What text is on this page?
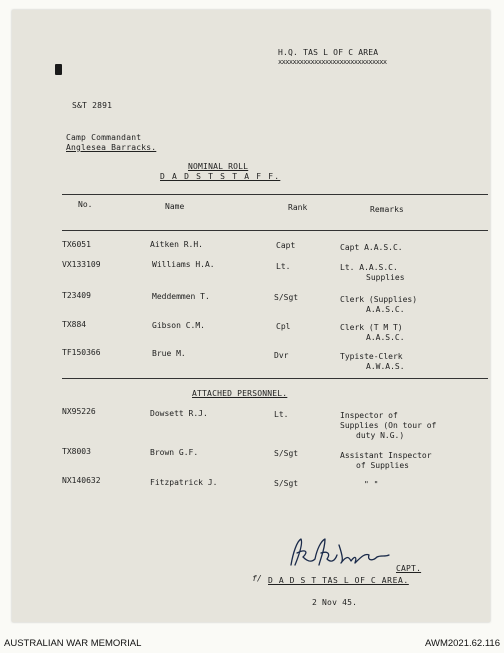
H.Q. TAS L OF C AREA
xxxxxxxxxxxxxxxxxxxxxxxxxxxxxx
S&T 2891
Camp Commandant
Anglesea Barracks.
NOMINAL ROLL
D A D S T S T A F F.
No.	Name	Rank	Remarks
TX6051	Aitken R.H.	Capt	Capt A.A.S.C.
VX133109	Williams H.A.	Lt.	Lt. A.A.S.C.
Supplies
T23409	Meddemmen T.	S/Sgt	Clerk (Supplies)
A.A.S.C.
TX884	Gibson C.M.	Cpl	Clerk (T M T)
A.A.S.C.
TF150366	Brue M.	Dvr	Typiste-Clerk
A.W.A.S.
ATTACHED PERSONNEL.
NX95226	Dowsett R.J.	Lt.	Inspector of
Supplies (On tour of
duty N.G.)
TX8003	Brown G.F.	S/Sgt	Assistant Inspector
of Supplies
NX140632	Fitzpatrick J.	S/Sgt	" "
CAPT.
f/ D A D S T TAS L OF C AREA.
2 Nov 45.
AUSTRALIAN WAR MEMORIAL	AWM2021.62.116
